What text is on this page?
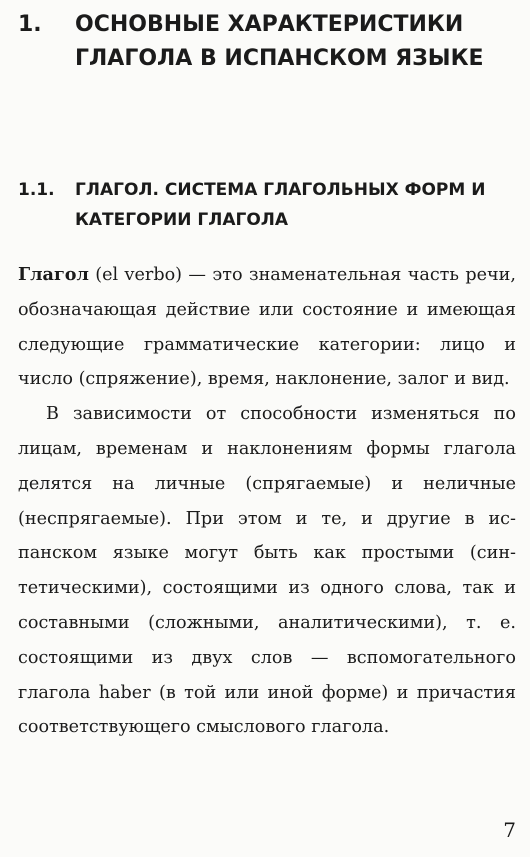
1. ОСНОВНЫЕ ХАРАКТЕРИСТИКИ ГЛАГОЛА В ИСПАНСКОМ ЯЗЫКЕ
1.1. ГЛАГОЛ. СИСТЕМА ГЛАГОЛЬНЫХ ФОРМ И КАТЕГОРИИ ГЛАГОЛА

Глагол (el verbo) — это знаменательная часть речи, обозначающая действие или состояние и имеющая следующие грамматические категории: лицо и число (спряжение), время, наклонение, залог и вид.

В зависимости от способности изменяться по лицам, временам и наклонениям формы глагола делятся на личные (спрягаемые) и неличные (неспрягаемые). При этом и те, и другие в испанском языке могут быть как простыми (синтетическими), состоящими из одного слова, так и составными (сложными, аналитическими), т. е. состоящими из двух слов — вспомогательного глагола haber (в той или иной форме) и причастия соответствующего смыслового глагола.

7
